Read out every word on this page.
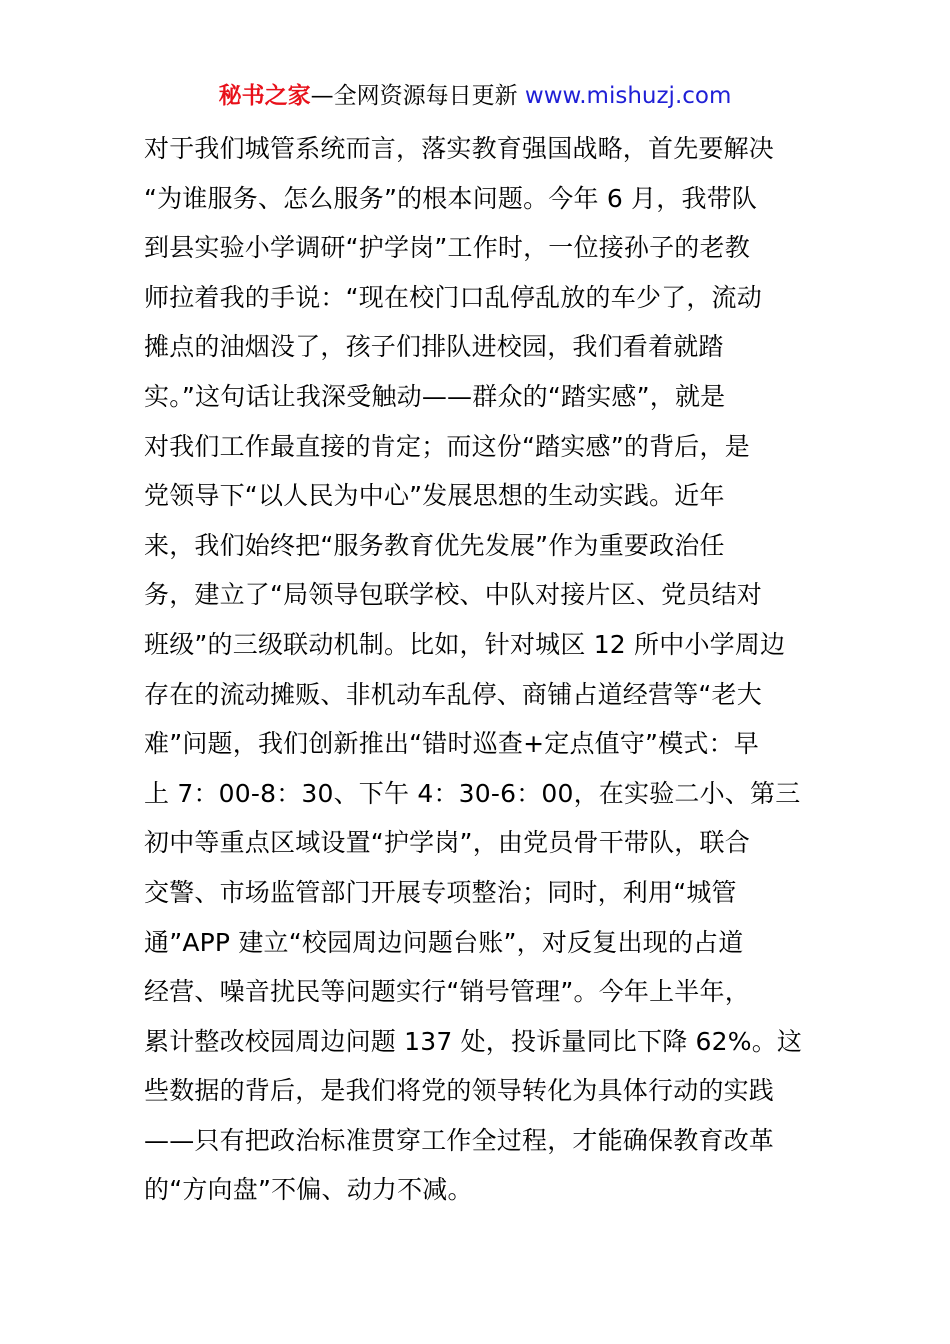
秘书之家—全网资源每日更新 www.mishuzj.com
对于我们城管系统而言，落实教育强国战略，首先要解决
“为谁服务、怎么服务”的根本问题。今年 6 月，我带队
到县实验小学调研“护学岗”工作时，一位接孙子的老教
师拉着我的手说：“现在校门口乱停乱放的车少了，流动
摊点的油烟没了，孩子们排队进校园，我们看着就踏
实。”这句话让我深受触动——群众的“踏实感”，就是
对我们工作最直接的肯定；而这份“踏实感”的背后，是
党领导下“以人民为中心”发展思想的生动实践。近年
来，我们始终把“服务教育优先发展”作为重要政治任
务，建立了“局领导包联学校、中队对接片区、党员结对
班级”的三级联动机制。比如，针对城区 12 所中小学周边
存在的流动摊贩、非机动车乱停、商铺占道经营等“老大
难”问题，我们创新推出“错时巡查+定点值守”模式：早
上 7：00-8：30、下午 4：30-6：00，在实验二小、第三
初中等重点区域设置“护学岗”，由党员骨干带队，联合
交警、市场监管部门开展专项整治；同时，利用“城管
通”APP 建立“校园周边问题台账”，对反复出现的占道
经营、噪音扰民等问题实行“销号管理”。今年上半年，
累计整改校园周边问题 137 处，投诉量同比下降 62%。这
些数据的背后，是我们将党的领导转化为具体行动的实践
——只有把政治标准贯穿工作全过程，才能确保教育改革
的“方向盘”不偏、动力不减。
